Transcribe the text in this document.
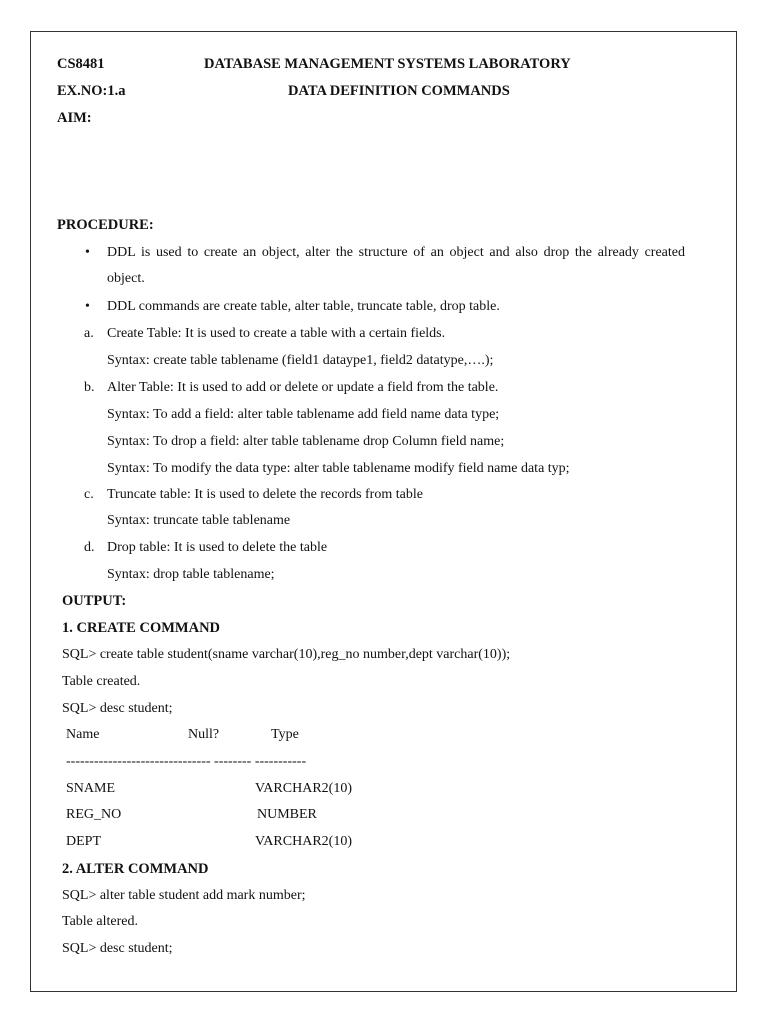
CS8481	DATABASE MANAGEMENT SYSTEMS LABORATORY
EX.NO:1.a	DATA DEFINITION COMMANDS
AIM:
PROCEDURE:
• DDL is used to create an object, alter the structure of an object and also drop the already created object.
• DDL commands are create table, alter table, truncate table, drop table.
a. Create Table: It is used to create a table with a certain fields.
Syntax: create table tablename (field1 dataype1, field2 datatype,….);
b. Alter Table: It is used to add or delete or update a field from the table.
Syntax: To add a field: alter table tablename add field name data type;
Syntax: To drop a field: alter table tablename drop Column field name;
Syntax: To modify the data type: alter table tablename modify field name data typ;
c. Truncate table: It is used to delete the records from table
Syntax: truncate table tablename
d. Drop table: It is used to delete the table
Syntax: drop table tablename;
OUTPUT:
1. CREATE COMMAND
SQL> create table student(sname varchar(10),reg_no number,dept varchar(10));
Table created.
SQL> desc student;
Name	Null?	Type
------------------------------- -------- -----------
SNAME	VARCHAR2(10)
REG_NO	NUMBER
DEPT	VARCHAR2(10)
2. ALTER COMMAND
SQL> alter table student add mark number;
Table altered.
SQL> desc student;
